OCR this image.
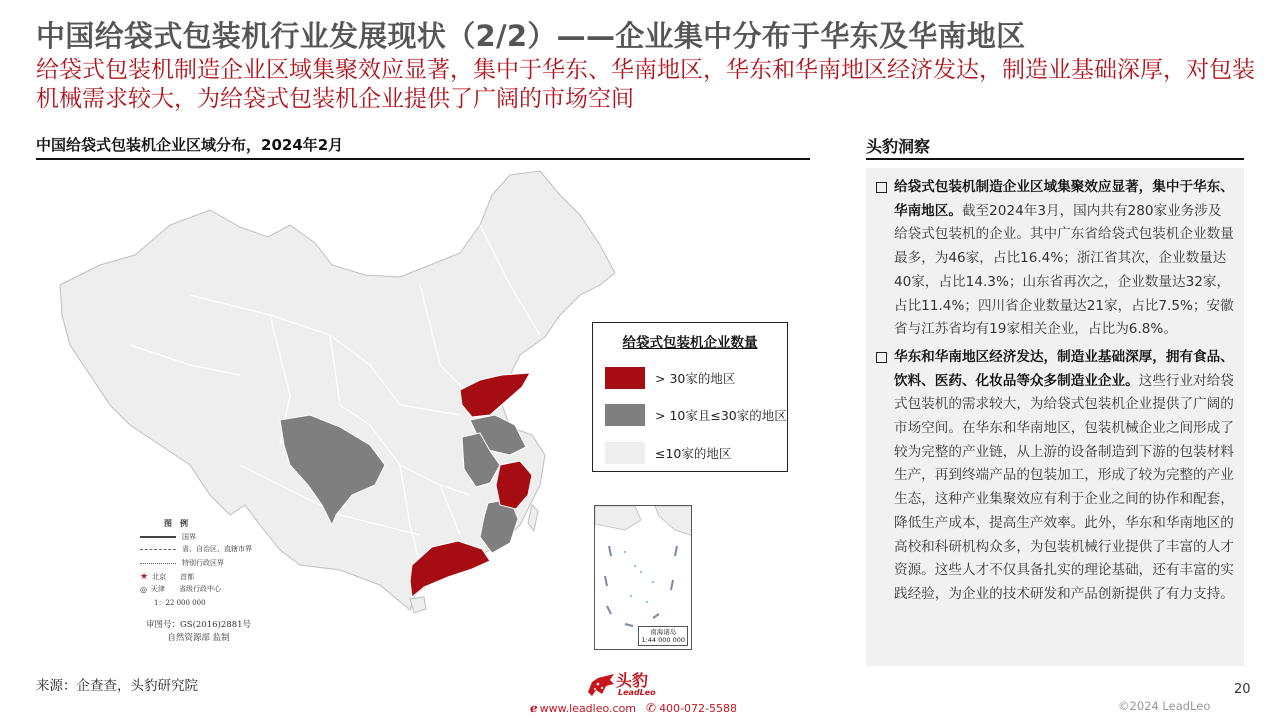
中国给袋式包装机行业发展现状（2/2）——企业集中分布于华东及华南地区
给袋式包装机制造企业区域集聚效应显著，集中于华东、华南地区，华东和华南地区经济发达，制造业基础深厚，对包装机械需求较大，为给袋式包装机企业提供了广阔的市场空间
中国给袋式包装机企业区域分布，2024年2月	头豹洞察
给袋式包装机企业数量
> 30家的地区
> 10家且≤30家的地区
≤10家的地区
图　例
国界
省、自治区、直辖市界
特别行政区界
★ 北京 首都
◎ 天津 省级行政中心
1：22 000 000
审图号：GS(2016)2881号
自然资源部 监制
南海诸岛
1:44 000 000
给袋式包装机制造企业区域集聚效应显著，集中于华东、华南地区。截至2024年3月，国内共有280家业务涉及给袋式包装机的企业。其中广东省给袋式包装机企业数量最多，为46家，占比16.4%；浙江省其次，企业数量达40家，占比14.3%；山东省再次之，企业数量达32家，占比11.4%；四川省企业数量达21家，占比7.5%；安徽省与江苏省均有19家相关企业，占比为6.8%。
华东和华南地区经济发达，制造业基础深厚，拥有食品、饮料、医药、化妆品等众多制造业企业。这些行业对给袋式包装机的需求较大，为给袋式包装机企业提供了广阔的市场空间。在华东和华南地区，包装机械企业之间形成了较为完整的产业链，从上游的设备制造到下游的包装材料生产，再到终端产品的包装加工，形成了较为完整的产业生态，这种产业集聚效应有利于企业之间的协作和配套，降低生产成本，提高生产效率。此外，华东和华南地区的高校和科研机构众多，为包装机械行业提供了丰富的人才资源。这些人才不仅具备扎实的理论基础，还有丰富的实践经验，为企业的技术研发和产品创新提供了有力支持。
来源：企查查，头豹研究院	头豹
LeadLeo
ℯ www.leadleo.com ✆ 400-072-5588
20
©2024 LeadLeo
